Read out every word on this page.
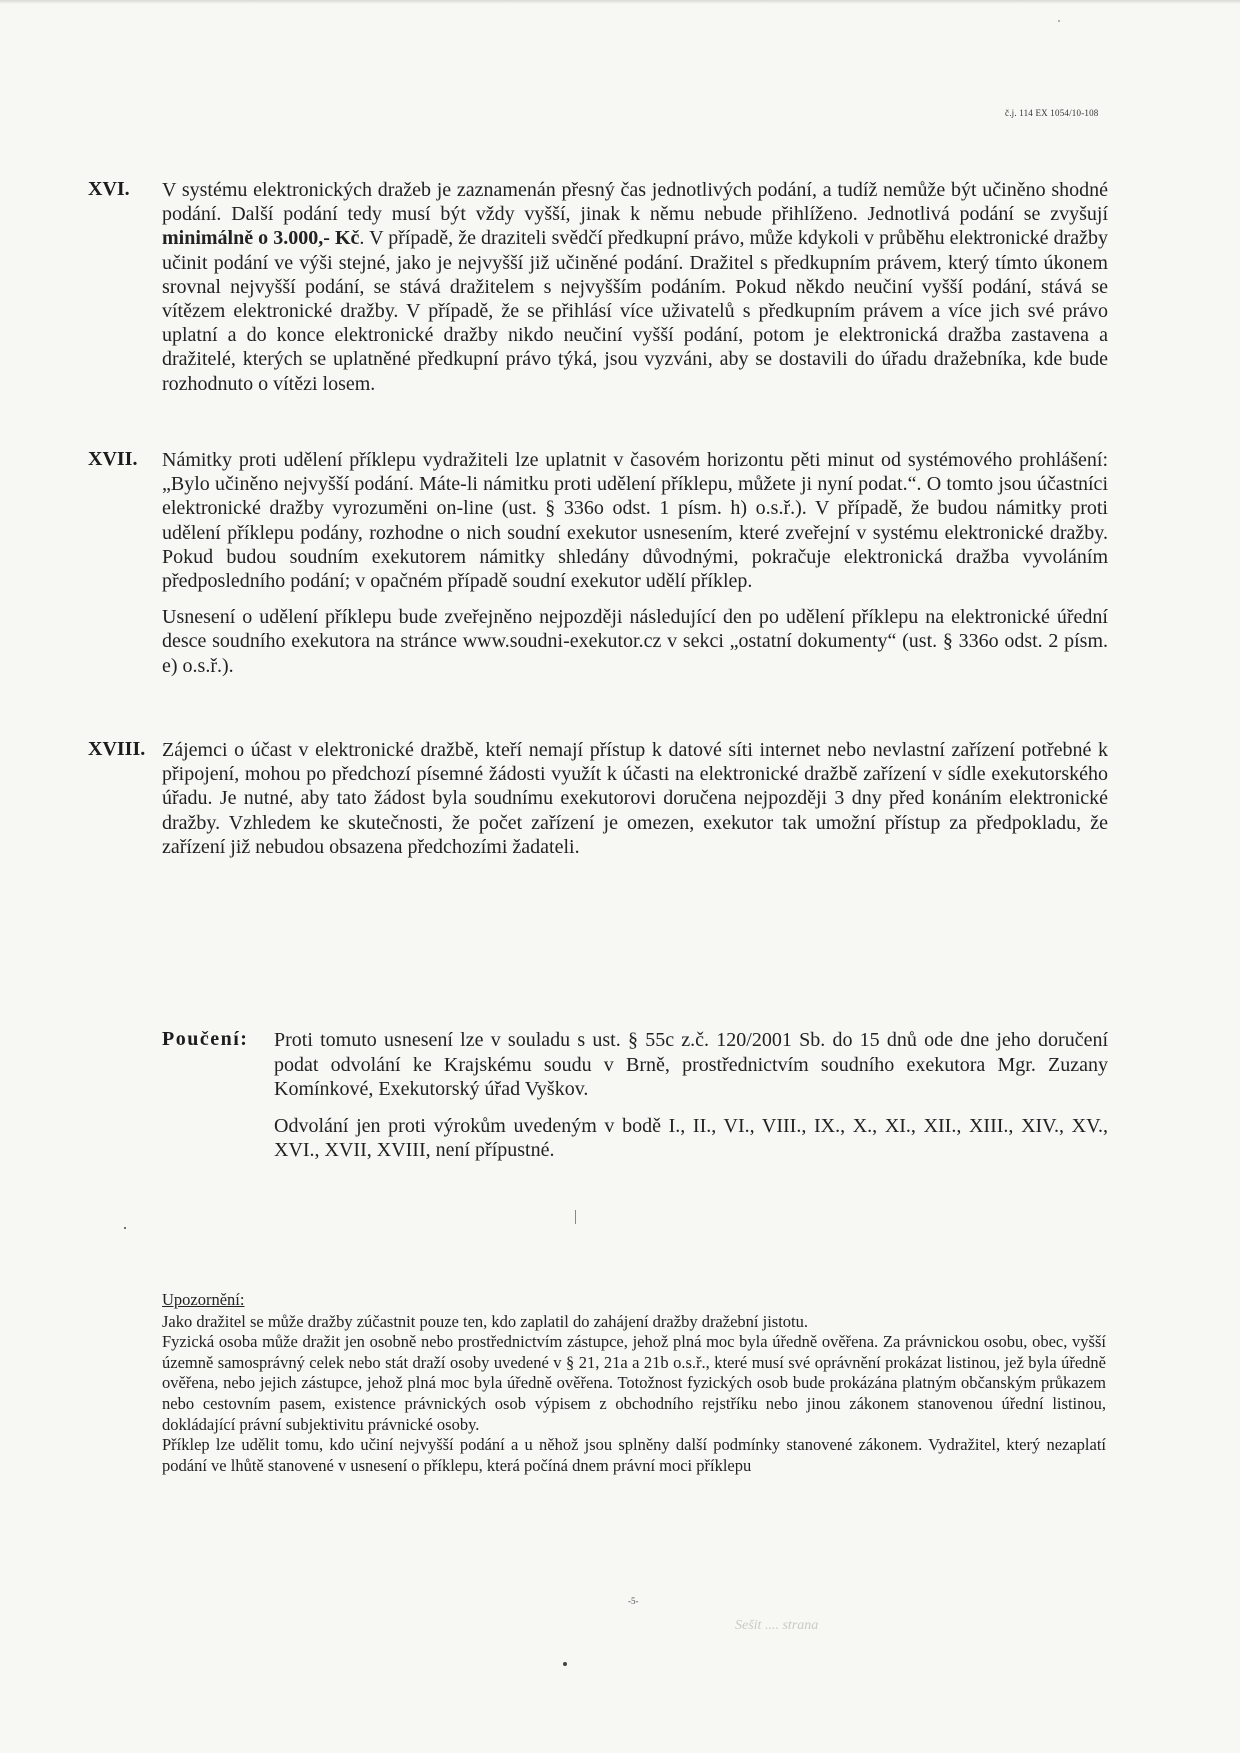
č.j. 114 EX 1054/10-108
XVI. V systému elektronických dražeb je zaznamenán přesný čas jednotlivých podání, a tudíž nemůže být učiněno shodné podání. Další podání tedy musí být vždy vyšší, jinak k němu nebude přihlíženo. Jednotlivá podání se zvyšují minimálně o 3.000,- Kč. V případě, že draziteli svědčí předkupní právo, může kdykoli v průběhu elektronické dražby učinit podání ve výši stejné, jako je nejvyšší již učiněné podání. Dražitel s předkupním právem, který tímto úkonem srovnal nejvyšší podání, se stává dražitelem s nejvyšším podáním. Pokud někdo neučiní vyšší podání, stává se vítězem elektronické dražby. V případě, že se přihlásí více uživatelů s předkupním právem a více jich své právo uplatní a do konce elektronické dražby nikdo neučiní vyšší podání, potom je elektronická dražba zastavena a dražitelé, kterých se uplatněné předkupní právo týká, jsou vyzváni, aby se dostavili do úřadu dražebníka, kde bude rozhodnuto o vítězi losem.

XVII. Námitky proti udělení příklepu vydražiteli lze uplatnit v časovém horizontu pěti minut od systémového prohlášení: „Bylo učiněno nejvyšší podání. Máte-li námitku proti udělení příklepu, můžete ji nyní podat.“. O tomto jsou účastníci elektronické dražby vyrozuměni on-line (ust. § 336o odst. 1 písm. h) o.s.ř.). V případě, že budou námitky proti udělení příklepu podány, rozhodne o nich soudní exekutor usnesením, které zveřejní v systému elektronické dražby. Pokud budou soudním exekutorem námitky shledány důvodnými, pokračuje elektronická dražba vyvoláním předposledního podání; v opačném případě soudní exekutor udělí příklep.

Usnesení o udělení příklepu bude zveřejněno nejpozději následující den po udělení příklepu na elektronické úřední desce soudního exekutora na stránce www.soudni-exekutor.cz v sekci „ostatní dokumenty“ (ust. § 336o odst. 2 písm. e) o.s.ř.).

XVIII. Zájemci o účast v elektronické dražbě, kteří nemají přístup k datové síti internet nebo nevlastní zařízení potřebné k připojení, mohou po předchozí písemné žádosti využít k účasti na elektronické dražbě zařízení v sídle exekutorského úřadu. Je nutné, aby tato žádost byla soudnímu exekutorovi doručena nejpozději 3 dny před konáním elektronické dražby. Vzhledem ke skutečnosti, že počet zařízení je omezen, exekutor tak umožní přístup za předpokladu, že zařízení již nebudou obsazena předchozími žadateli.

Poučení: Proti tomuto usnesení lze v souladu s ust. § 55c z.č. 120/2001 Sb. do 15 dnů ode dne jeho doručení podat odvolání ke Krajskému soudu v Brně, prostřednictvím soudního exekutora Mgr. Zuzany Komínkové, Exekutorský úřad Vyškov.

Odvolání jen proti výrokům uvedeným v bodě I., II., VI., VIII., IX., X., XI., XII., XIII., XIV., XV., XVI., XVII, XVIII, není přípustné.

Upozornění:

Jako dražitel se může dražby zúčastnit pouze ten, kdo zaplatil do zahájení dražby dražební jistotu.

Fyzická osoba může dražit jen osobně nebo prostřednictvím zástupce, jehož plná moc byla úředně ověřena. Za právnickou osobu, obec, vyšší územně samosprávný celek nebo stát draží osoby uvedené v § 21, 21a a 21b o.s.ř., které musí své oprávnění prokázat listinou, jež byla úředně ověřena, nebo jejich zástupce, jehož plná moc byla úředně ověřena. Totožnost fyzických osob bude prokázána platným občanským průkazem nebo cestovním pasem, existence právnických osob výpisem z obchodního rejstříku nebo jinou zákonem stanovenou úřední listinou, dokládající právní subjektivitu právnické osoby.

Příklep lze udělit tomu, kdo učiní nejvyšší podání a u něhož jsou splněny další podmínky stanovené zákonem. Vydražitel, který nezaplatí podání ve lhůtě stanovené v usnesení o příklepu, která počíná dnem právní moci příklepu

-5-
Sešit .... strana
